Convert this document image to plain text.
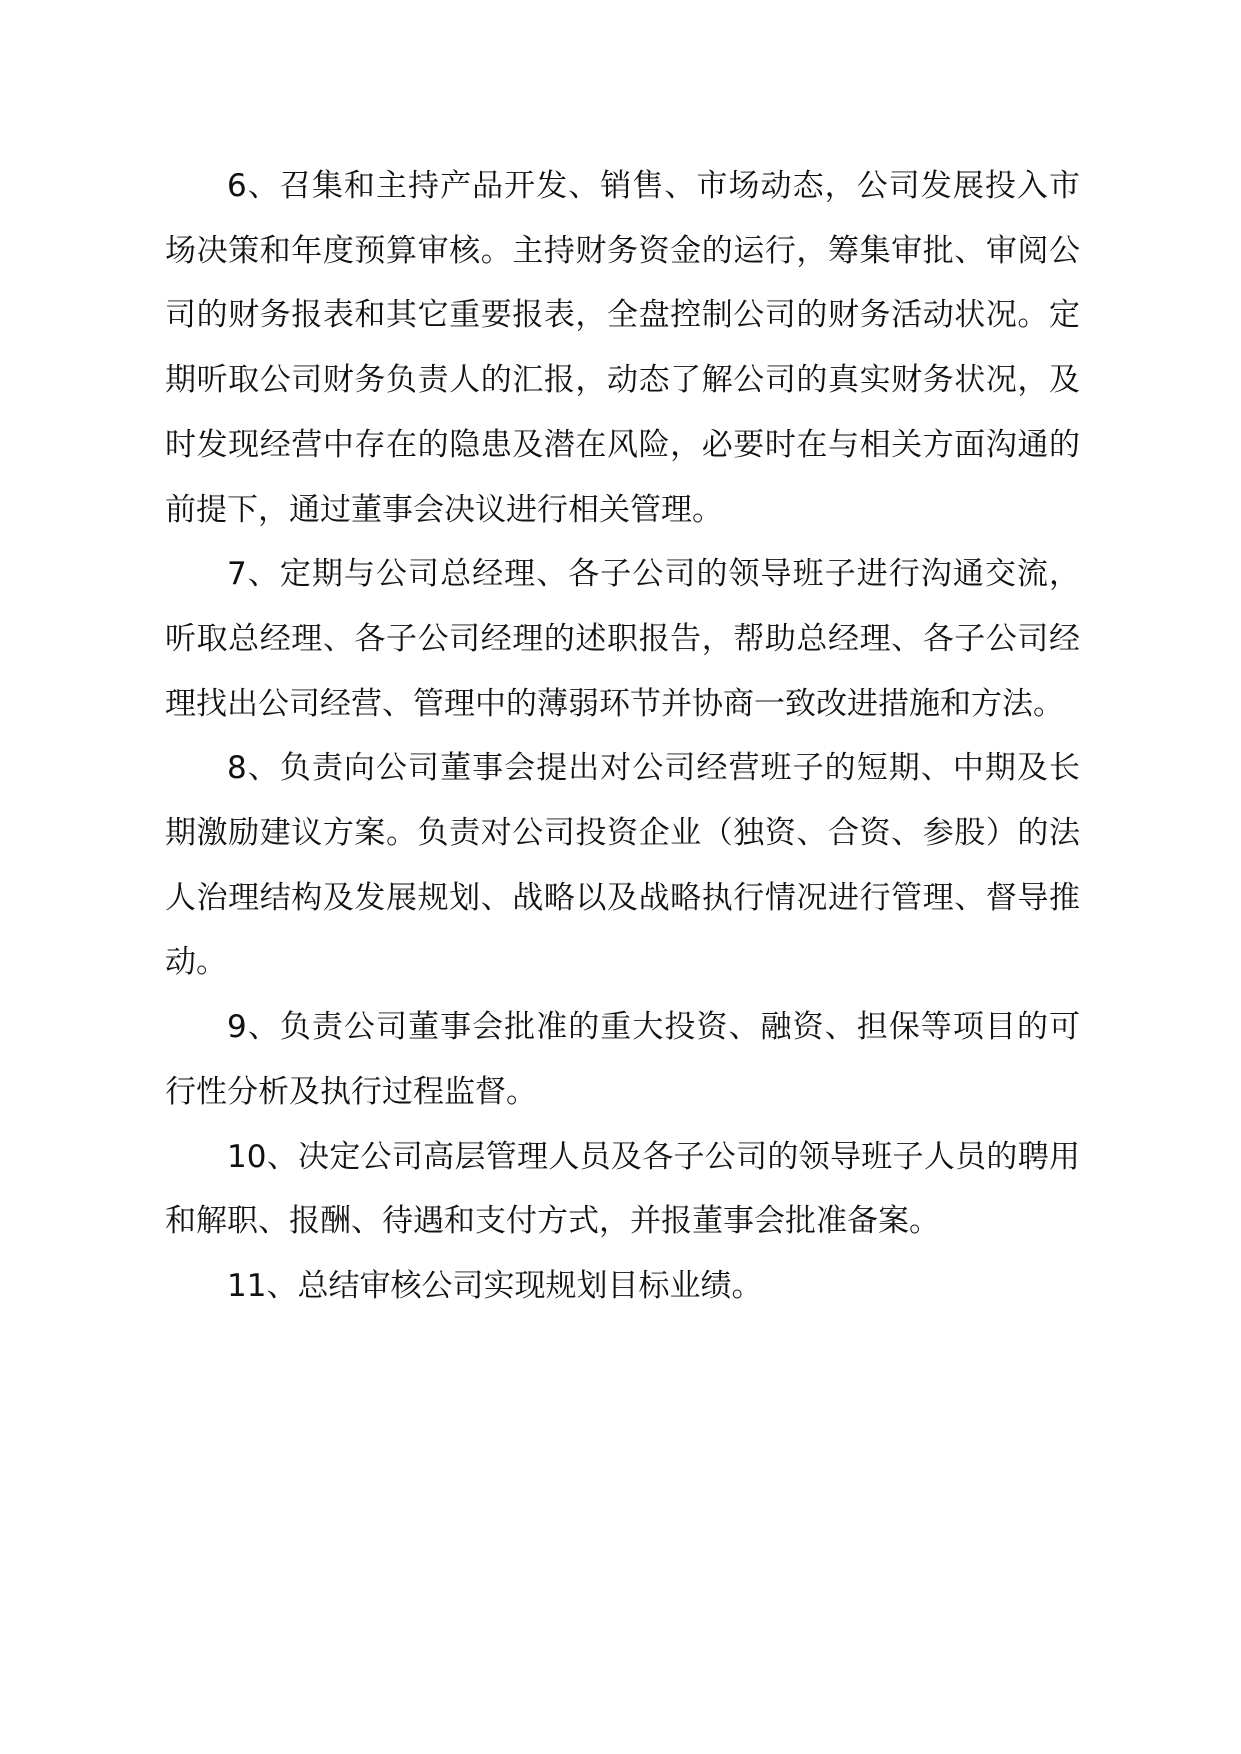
6、召集和主持产品开发、销售、市场动态，公司发展投入市场决策和年度预算审核。主持财务资金的运行，筹集审批、审阅公司的财务报表和其它重要报表，全盘控制公司的财务活动状况。定期听取公司财务负责人的汇报，动态了解公司的真实财务状况，及时发现经营中存在的隐患及潜在风险，必要时在与相关方面沟通的前提下，通过董事会决议进行相关管理。

7、定期与公司总经理、各子公司的领导班子进行沟通交流，听取总经理、各子公司经理的述职报告，帮助总经理、各子公司经理找出公司经营、管理中的薄弱环节并协商一致改进措施和方法。

8、负责向公司董事会提出对公司经营班子的短期、中期及长期激励建议方案。负责对公司投资企业（独资、合资、参股）的法人治理结构及发展规划、战略以及战略执行情况进行管理、督导推动。

9、负责公司董事会批准的重大投资、融资、担保等项目的可行性分析及执行过程监督。

10、决定公司高层管理人员及各子公司的领导班子人员的聘用和解职、报酬、待遇和支付方式，并报董事会批准备案。

11、总结审核公司实现规划目标业绩。
